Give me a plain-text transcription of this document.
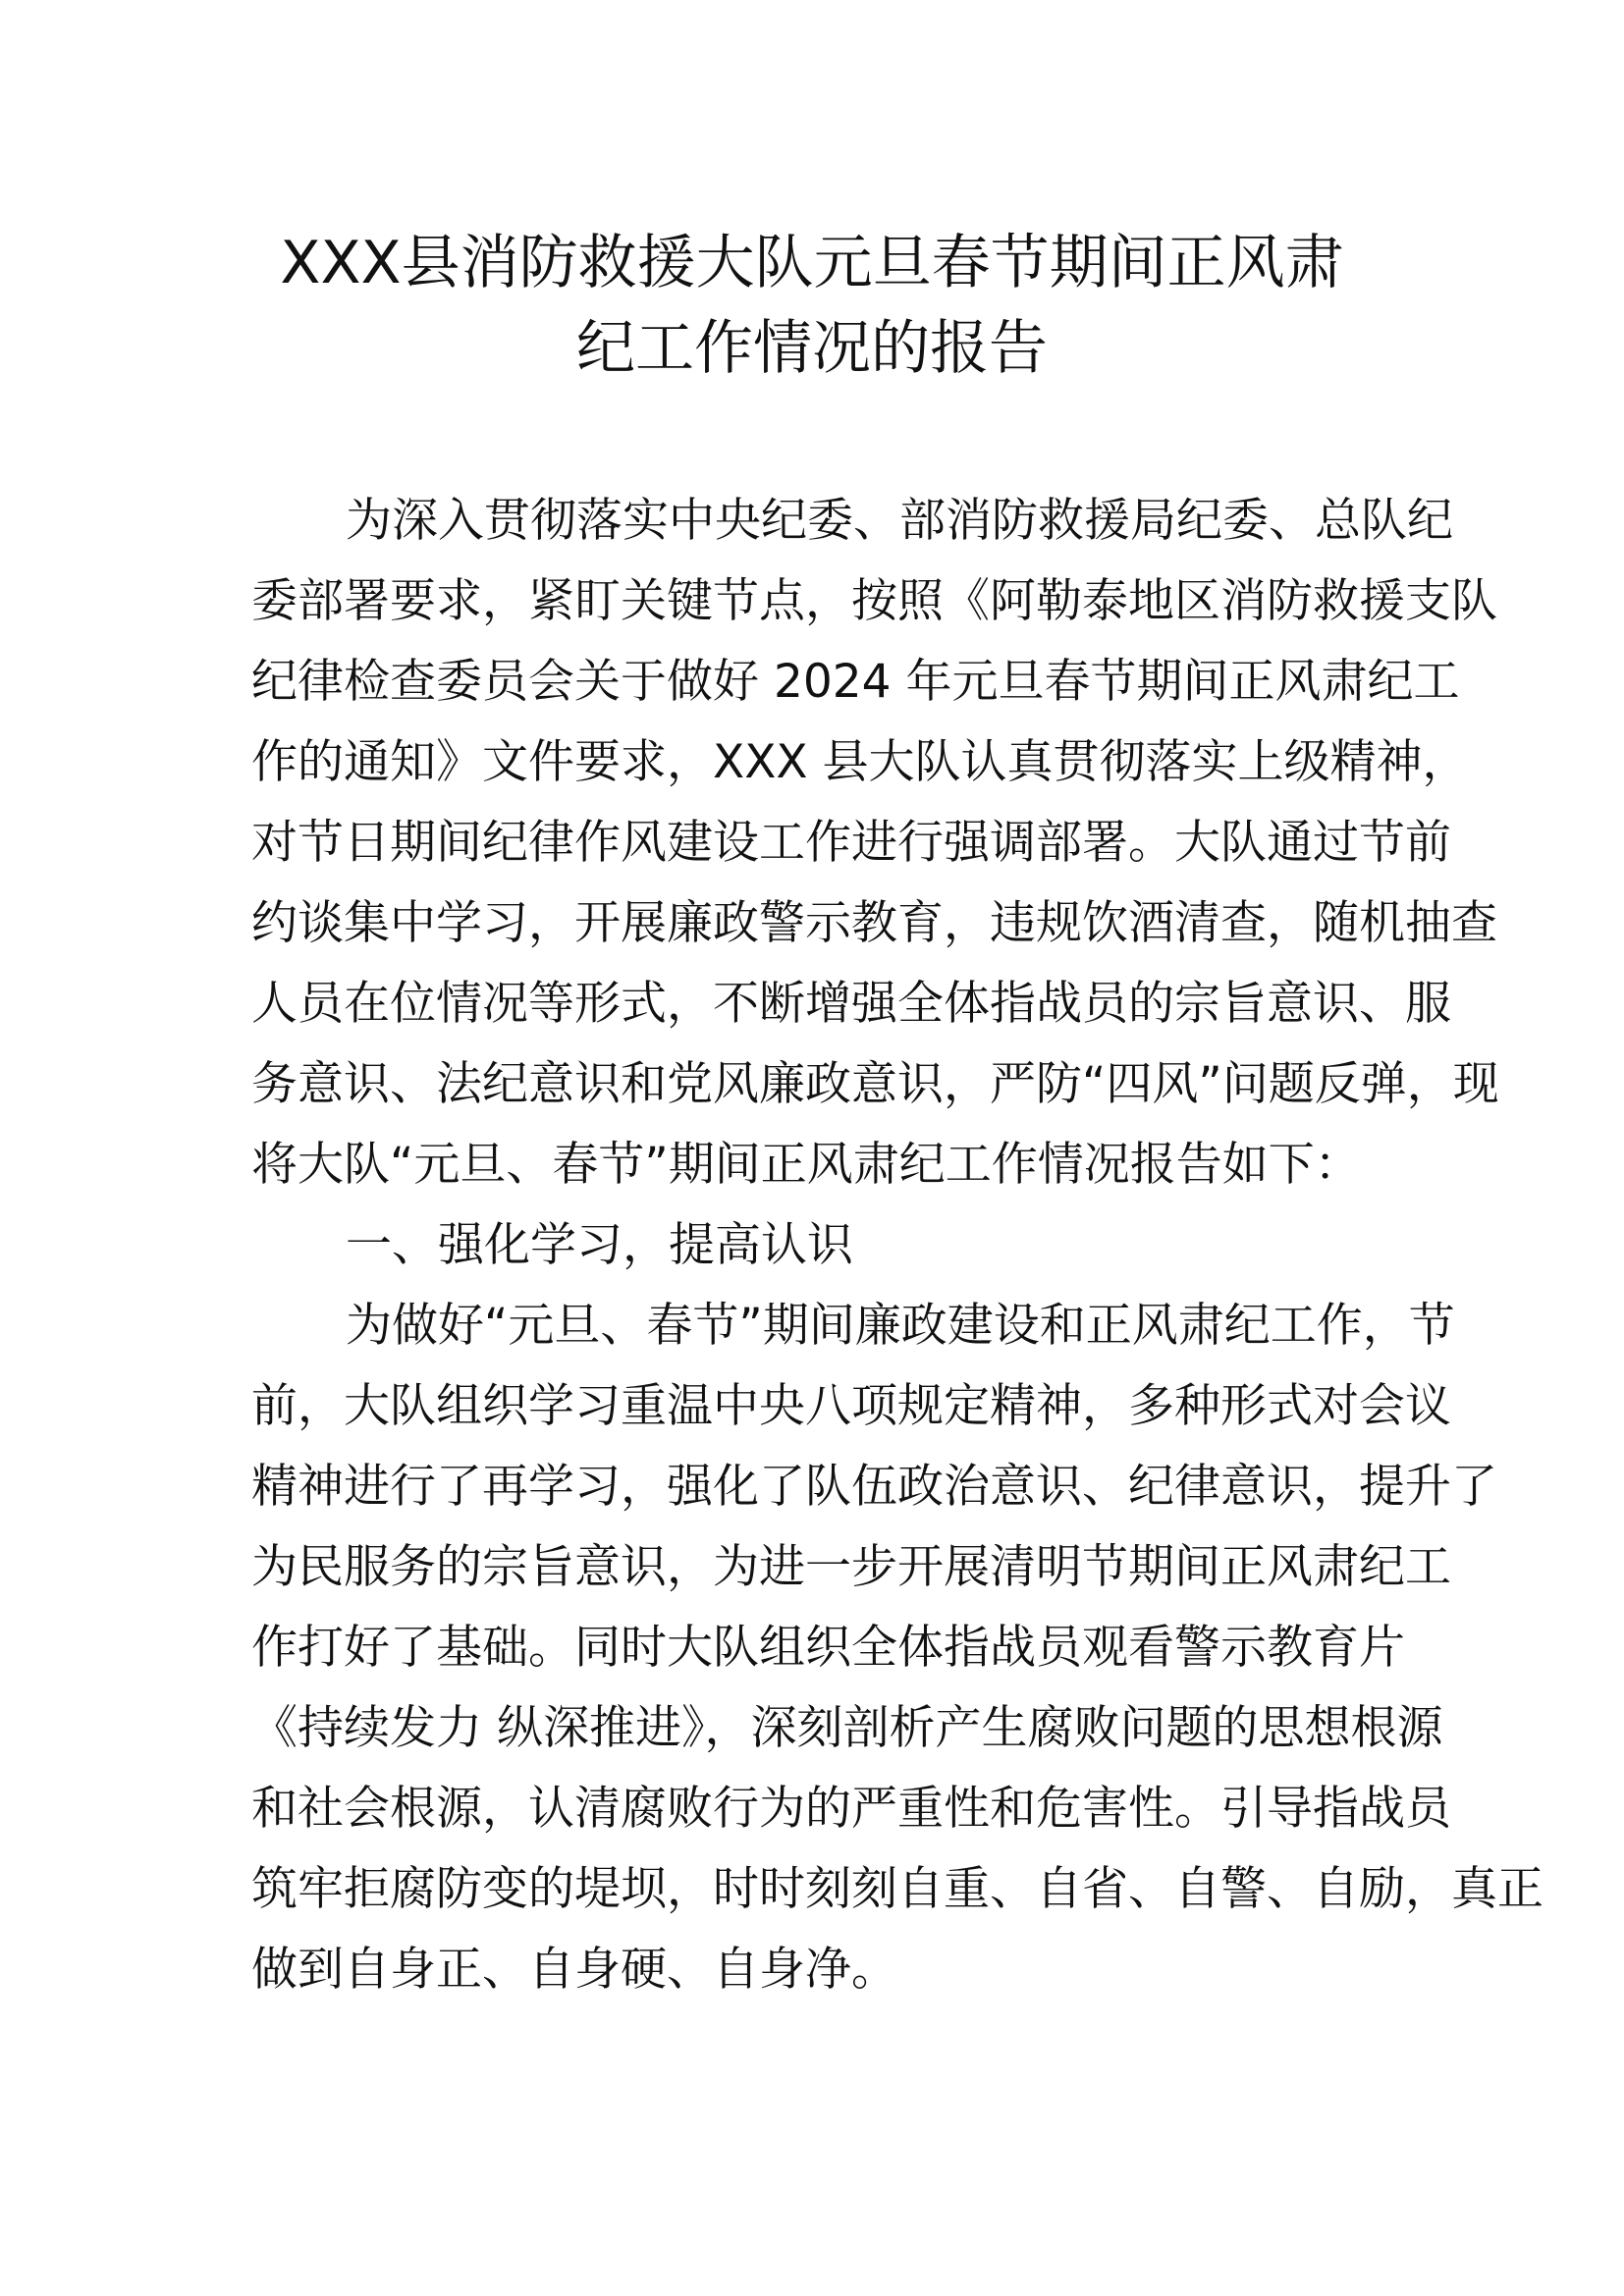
XXX县消防救援大队元旦春节期间正风肃
纪工作情况的报告
为深入贯彻落实中央纪委、部消防救援局纪委、总队纪
委部署要求，紧盯关键节点，按照《阿勒泰地区消防救援支队
纪律检查委员会关于做好 2024 年元旦春节期间正风肃纪工
作的通知》文件要求，XXX 县大队认真贯彻落实上级精神，
对节日期间纪律作风建设工作进行强调部署。大队通过节前
约谈集中学习，开展廉政警示教育，违规饮酒清查，随机抽查
人员在位情况等形式，不断增强全体指战员的宗旨意识、服
务意识、法纪意识和党风廉政意识，严防“四风”问题反弹，现
将大队“元旦、春节”期间正风肃纪工作情况报告如下：
一、强化学习，提高认识
为做好“元旦、春节”期间廉政建设和正风肃纪工作，节
前，大队组织学习重温中央八项规定精神，多种形式对会议
精神进行了再学习，强化了队伍政治意识、纪律意识，提升了
为民服务的宗旨意识，为进一步开展清明节期间正风肃纪工
作打好了基础。同时大队组织全体指战员观看警示教育片
《持续发力 纵深推进》，深刻剖析产生腐败问题的思想根源
和社会根源，认清腐败行为的严重性和危害性。引导指战员
筑牢拒腐防变的堤坝，时时刻刻自重、自省、自警、自励，真正
做到自身正、自身硬、自身净。
